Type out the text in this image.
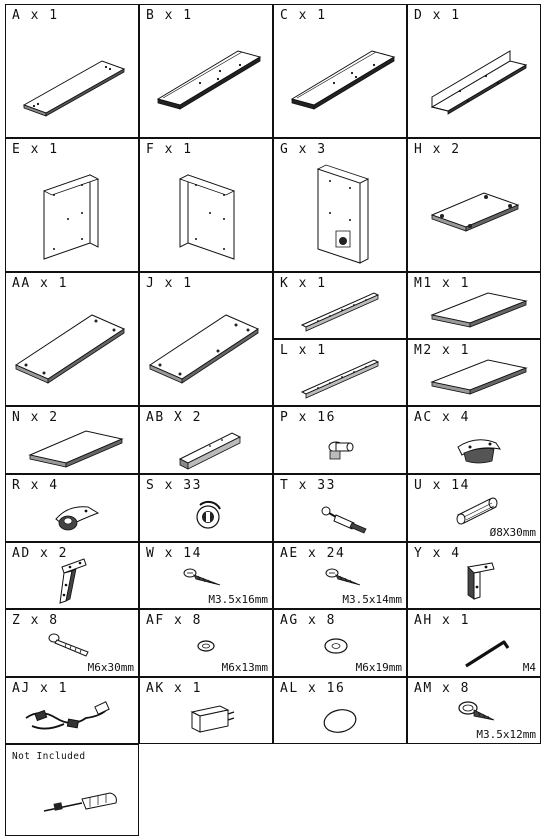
A x 1	B x 1	C x 1	D x 1
E x 1	F x 1	G x 3	H x 2
AA x 1	J x 1	K x 1	M1 x 1
L x 1	M2 x 1
N x 2	AB X 2	P x 16	AC x 4
R x 4	S x 33	T x 33	U x 14
Ø8X30mm
AD x 2	W x 14
M3.5x16mm
AE x 24
M3.5x14mm
Y x 4
Z x 8
M6x30mm
AF x 8
M6x13mm
AG x 8
M6x19mm
AH x 1
M4
AJ x 1	AK x 1	AL x 16	AM x 8
M3.5x12mm
Not Included
